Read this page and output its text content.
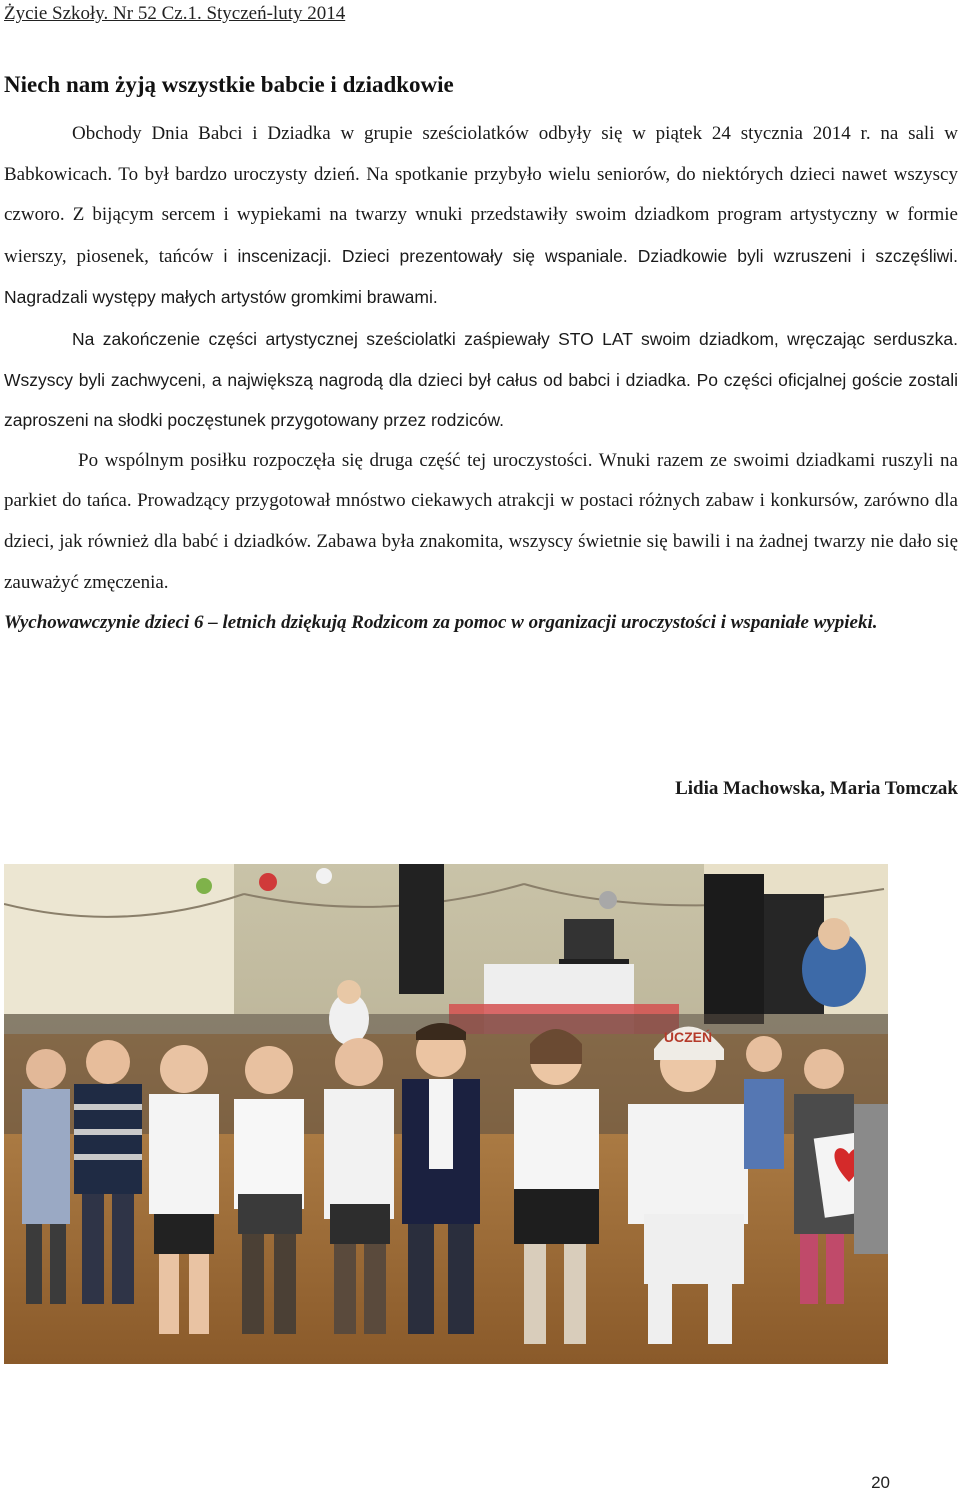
Życie Szkoły. Nr 52 Cz.1. Styczeń-luty 2014
Niech nam żyją wszystkie babcie i dziadkowie

Obchody Dnia Babci i Dziadka w grupie sześciolatków odbyły się w piątek 24 stycznia 2014 r. na sali w Babkowicach. To był bardzo uroczysty dzień. Na spotkanie przybyło wielu seniorów, do niektórych dzieci nawet wszyscy czworo. Z bijącym sercem i wypiekami na twarzy wnuki przedstawiły swoim dziadkom program artystyczny w formie wierszy, piosenek, tańców i inscenizacji. Dzieci prezentowały się wspaniale. Dziadkowie byli wzruszeni i szczęśliwi. Nagradzali występy małych artystów gromkimi brawami.

Na zakończenie części artystycznej sześciolatki zaśpiewały STO LAT swoim dziadkom, wręczając serduszka. Wszyscy byli zachwyceni, a największą nagrodą dla dzieci był całus od babci i dziadka. Po części oficjalnej goście zostali zaproszeni na słodki poczęstunek przygotowany przez rodziców.

Po wspólnym posiłku rozpoczęła się druga część tej uroczystości. Wnuki razem ze swoimi dziadkami ruszyli na parkiet do tańca. Prowadzący przygotował mnóstwo ciekawych atrakcji w postaci różnych zabaw i konkursów, zarówno dla dzieci, jak również dla babć i dziadków. Zabawa była znakomita, wszyscy świetnie się bawili i na żadnej twarzy nie dało się zauważyć zmęczenia.

Wychowawczynie dzieci 6 – letnich dziękują Rodzicom za pomoc w organizacji uroczystości i wspaniałe wypieki.

Lidia Machowska, Maria Tomczak
UCZEŃ
20
